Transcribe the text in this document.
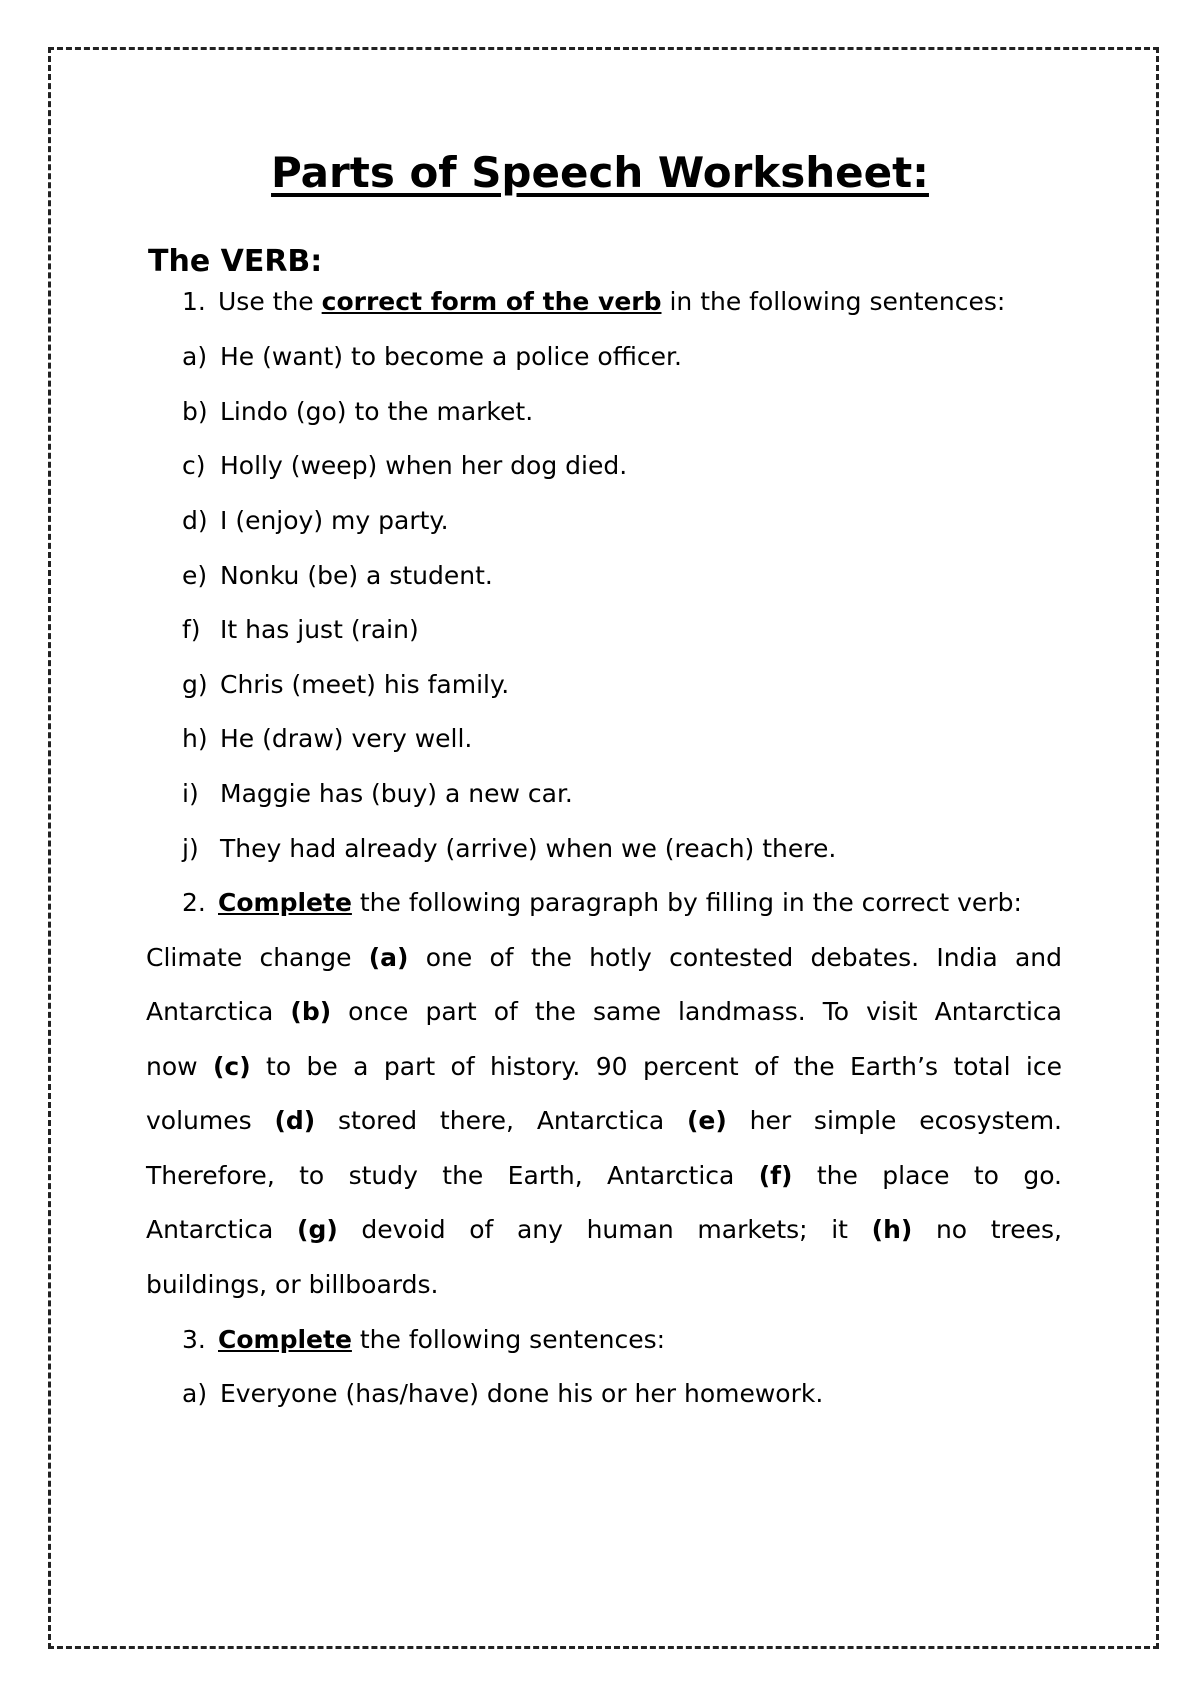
Parts of Speech Worksheet:
The VERB:
1. Use the correct form of the verb in the following sentences:
a) He (want) to become a police officer.
b) Lindo (go) to the market.
c) Holly (weep) when her dog died.
d) I (enjoy) my party.
e) Nonku (be) a student.
f) It has just (rain)
g) Chris (meet) his family.
h) He (draw) very well.
i) Maggie has (buy) a new car.
j) They had already (arrive) when we (reach) there.
2. Complete the following paragraph by filling in the correct verb:
Climate change (a) one of the hotly contested debates. India and
Antarctica (b) once part of the same landmass. To visit Antarctica
now (c) to be a part of history. 90 percent of the Earth’s total ice
volumes (d) stored there, Antarctica (e) her simple ecosystem.
Therefore, to study the Earth, Antarctica (f) the place to go.
Antarctica (g) devoid of any human markets; it (h) no trees,
buildings, or billboards.
3. Complete the following sentences:
a) Everyone (has/have) done his or her homework.
